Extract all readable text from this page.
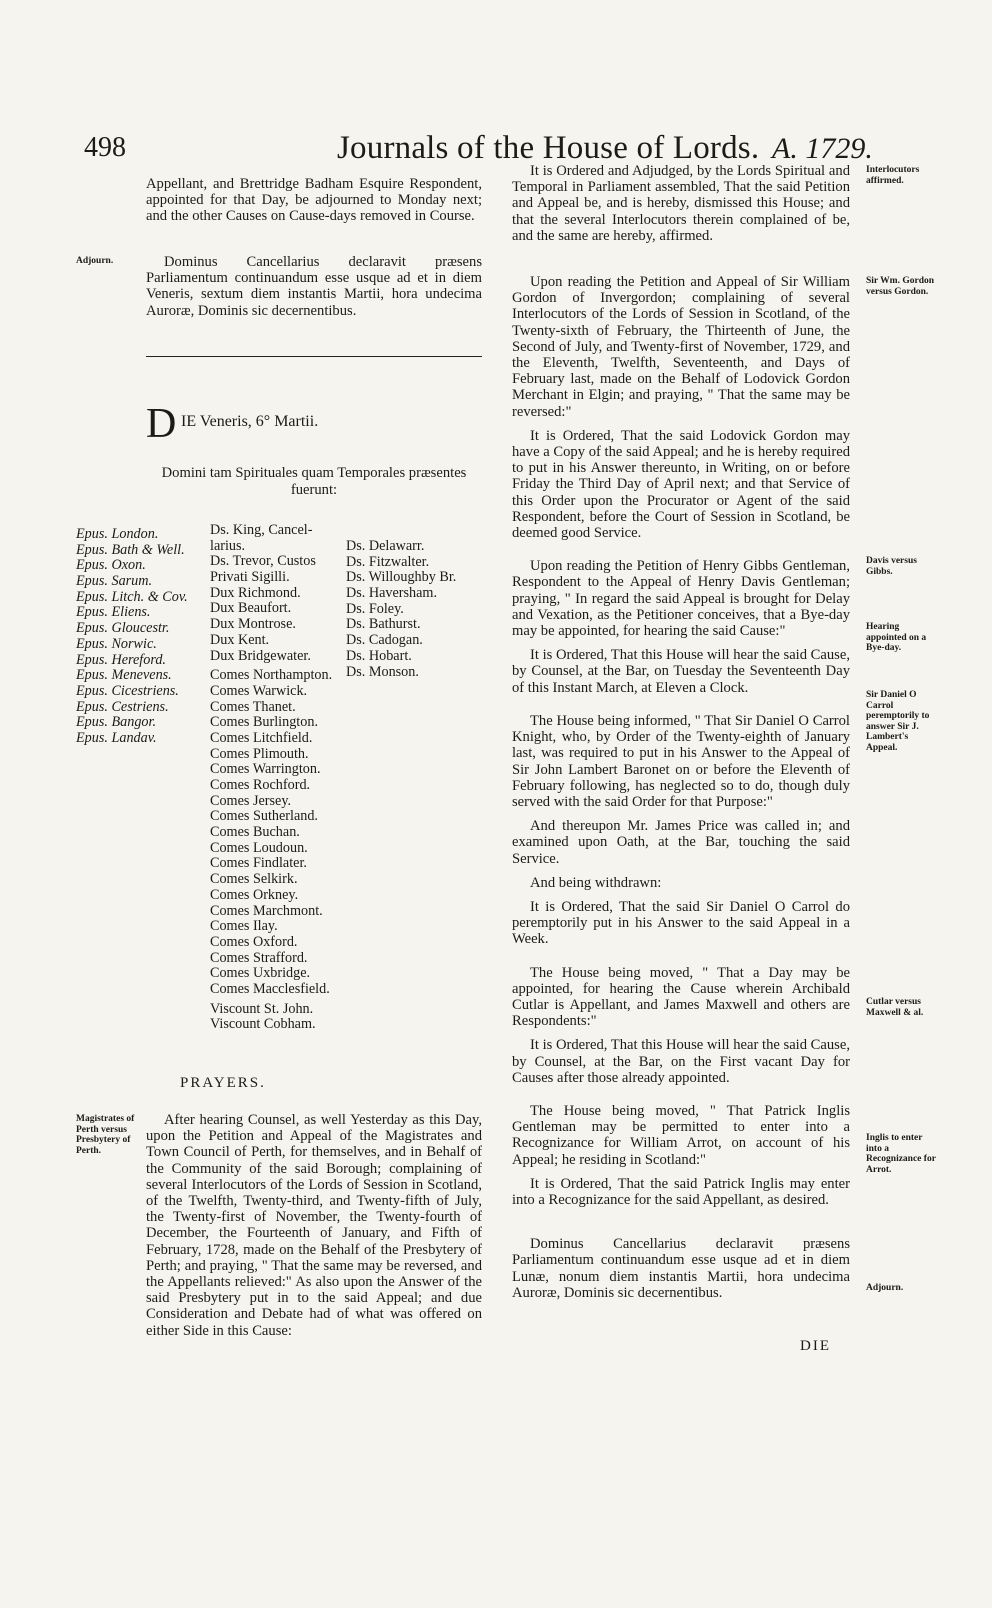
498	Journals of the House of Lords. A. 1729.

Appellant, and Brettridge Badham Esquire Respondent, appointed for that Day, be adjourned to Monday next; and the other Causes on Cause-days removed in Course.

Adjourn.	Dominus Cancellarius declaravit præsens Parliamentum continuandum esse usque ad et in diem Veneris, sextum diem instantis Martii, hora undecima Auroræ, Dominis sic decernentibus.

D IE Veneris, 6° Martii.
Domini tam Spirituales quam Temporales præsentes
fuerunt:
Epus. London.
Epus. Bath & Well.
Epus. Oxon.
Epus. Sarum.
Epus. Litch. & Cov.
Epus. Eliens.
Epus. Gloucestr.
Epus. Norwic.
Epus. Hereford.
Epus. Menevens.
Epus. Cicestriens.
Epus. Cestriens.
Epus. Bangor.
Epus. Landav.
Ds. King, Cancel-
larius.
Ds. Trevor, Custos
Privati Sigilli.
Dux Richmond.
Dux Beaufort.
Dux Montrose.
Dux Kent.
Dux Bridgewater.
Comes Northampton.
Comes Warwick.
Comes Thanet.
Comes Burlington.
Comes Litchfield.
Comes Plimouth.
Comes Warrington.
Comes Rochford.
Comes Jersey.
Comes Sutherland.
Comes Buchan.
Comes Loudoun.
Comes Findlater.
Comes Selkirk.
Comes Orkney.
Comes Marchmont.
Comes Ilay.
Comes Oxford.
Comes Strafford.
Comes Uxbridge.
Comes Macclesfield.
Viscount St. John.
Viscount Cobham.
Ds. Delawarr.
Ds. Fitzwalter.
Ds. Willoughby Br.
Ds. Haversham.
Ds. Foley.
Ds. Bathurst.
Ds. Cadogan.
Ds. Hobart.
Ds. Monson.
PRAYERS.
Magistrates of Perth versus Presbytery of Perth.

After hearing Counsel, as well Yesterday as this Day, upon the Petition and Appeal of the Magistrates and Town Council of Perth, for themselves, and in Behalf of the Community of the said Borough; complaining of several Interlocutors of the Lords of Session in Scotland, of the Twelfth, Twenty-third, and Twenty-fifth of July, the Twenty-first of November, the Twenty-fourth of December, the Fourteenth of January, and Fifth of February, 1728, made on the Behalf of the Presbytery of Perth; and praying, " That the same may be reversed, and the Appellants relieved:" As also upon the Answer of the said Presbytery put in to the said Appeal; and due Consideration and Debate had of what was offered on either Side in this Cause:

Interlocutors affirmed.
Sir Wm. Gordon versus Gordon.
Davis versus Gibbs.
Hearing appointed on a Bye-day.
Sir Daniel O Carrol peremptorily to answer Sir J. Lambert's Appeal.
Cutlar versus Maxwell & al.
Inglis to enter into a Recognizance for Arrot.
Adjourn.

It is Ordered and Adjudged, by the Lords Spiritual and Temporal in Parliament assembled, That the said Petition and Appeal be, and is hereby, dismissed this House; and that the several Interlocutors therein complained of be, and the same are hereby, affirmed.

Upon reading the Petition and Appeal of Sir William Gordon of Invergordon; complaining of several Interlocutors of the Lords of Session in Scotland, of the Twenty-sixth of February, the Thirteenth of June, the Second of July, and Twenty-first of November, 1729, and the Eleventh, Twelfth, Seventeenth, and Days of February last, made on the Behalf of Lodovick Gordon Merchant in Elgin; and praying, " That the same may be reversed:"

It is Ordered, That the said Lodovick Gordon may have a Copy of the said Appeal; and he is hereby required to put in his Answer thereunto, in Writing, on or before Friday the Third Day of April next; and that Service of this Order upon the Procurator or Agent of the said Respondent, before the Court of Session in Scotland, be deemed good Service.

Upon reading the Petition of Henry Gibbs Gentleman, Respondent to the Appeal of Henry Davis Gentleman; praying, " In regard the said Appeal is brought for Delay and Vexation, as the Petitioner conceives, that a Bye-day may be appointed, for hearing the said Cause:"

It is Ordered, That this House will hear the said Cause, by Counsel, at the Bar, on Tuesday the Seventeenth Day of this Instant March, at Eleven a Clock.

The House being informed, " That Sir Daniel O Carrol Knight, who, by Order of the Twenty-eighth of January last, was required to put in his Answer to the Appeal of Sir John Lambert Baronet on or before the Eleventh of February following, has neglected so to do, though duly served with the said Order for that Purpose:"

And thereupon Mr. James Price was called in; and examined upon Oath, at the Bar, touching the said Service.

And being withdrawn:

It is Ordered, That the said Sir Daniel O Carrol do peremptorily put in his Answer to the said Appeal in a Week.

The House being moved, " That a Day may be appointed, for hearing the Cause wherein Archibald Cutlar is Appellant, and James Maxwell and others are Respondents:"

It is Ordered, That this House will hear the said Cause, by Counsel, at the Bar, on the First vacant Day for Causes after those already appointed.

The House being moved, " That Patrick Inglis Gentleman may be permitted to enter into a Recognizance for William Arrot, on account of his Appeal; he residing in Scotland:"

It is Ordered, That the said Patrick Inglis may enter into a Recognizance for the said Appellant, as desired.

Dominus Cancellarius declaravit præsens Parliamentum continuandum esse usque ad et in diem Lunæ, nonum diem instantis Martii, hora undecima Auroræ, Dominis sic decernentibus.

DIE
